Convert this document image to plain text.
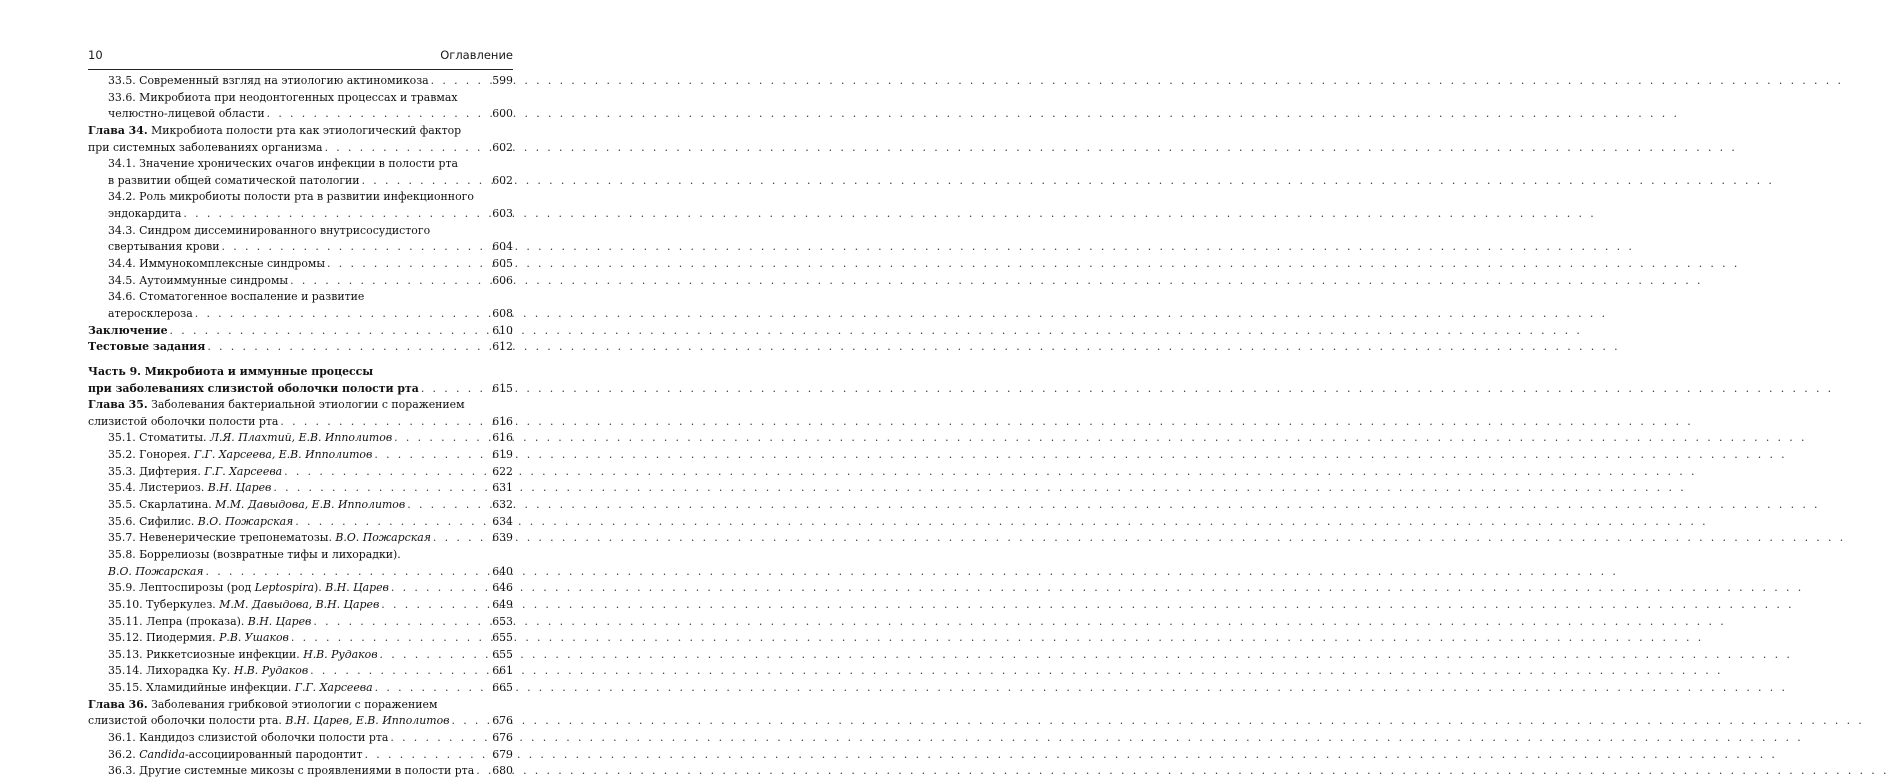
10	Оглавление
33.5. Современный взгляд на этиологию актиномикоза . . .	599
33.6. Микробиота при неодонтогенных процессах и травмах
челюстно-лицевой области . . .	600
Глава 34. Микробиота полости рта как этиологический фактор
при системных заболеваниях организма . . .	602
34.1. Значение хронических очагов инфекции в полости рта
в развитии общей соматической патологии . . .	602
34.2. Роль микробиоты полости рта в развитии инфекционного
эндокардита . . .	603
34.3. Синдром диссеминированного внутрисосудистого
свертывания крови . . .	604
34.4. Иммунокомплексные синдромы . . .	605
34.5. Аутоиммунные синдромы . . .	606
34.6. Стоматогенное воспаление и развитие
атеросклероза . . .	608
Заключение . . .	610
Тестовые задания . . .	612
Часть 9. Микробиота и иммунные процессы
при заболеваниях слизистой оболочки полости рта . . .	615
Глава 35. Заболевания бактериальной этиологии с поражением
слизистой оболочки полости рта . . .	616
35.1. Стоматиты. Л.Я. Плахтий, Е.В. Ипполитов . . .	616
35.2. Гонорея. Г.Г. Харсеева, Е.В. Ипполитов . . .	619
35.3. Дифтерия. Г.Г. Харсеева . . .	622
35.4. Листериоз. В.Н. Царев . . .	631
35.5. Скарлатина. М.М. Давыдова, Е.В. Ипполитов . . .	632
35.6. Сифилис. В.О. Пожарская . . .	634
35.7. Невенерические трепонематозы. В.О. Пожарская . . .	639
35.8. Боррелиозы (возвратные тифы и лихорадки).
В.О. Пожарская . . .	640
35.9. Лептоспирозы (род Leptospira). В.Н. Царев . . .	646
35.10. Туберкулез. М.М. Давыдова, В.Н. Царев . . .	649
35.11. Лепра (проказа). В.Н. Царев . . .	653
35.12. Пиодермия. Р.В. Ушаков . . .	655
35.13. Риккетсиозные инфекции. Н.В. Рудаков . . .	655
35.14. Лихорадка Ку. Н.В. Рудаков . . .	661
35.15. Хламидийные инфекции. Г.Г. Харсеева . . .	665
Глава 36. Заболевания грибковой этиологии с поражением
слизистой оболочки полости рта. В.Н. Царев, Е.В. Ипполитов . . .	676
36.1. Кандидоз слизистой оболочки полости рта . . .	676
36.2. Candida-ассоциированный пародонтит . . .	679
36.3. Другие системные микозы с проявлениями в полости рта . . . 680
